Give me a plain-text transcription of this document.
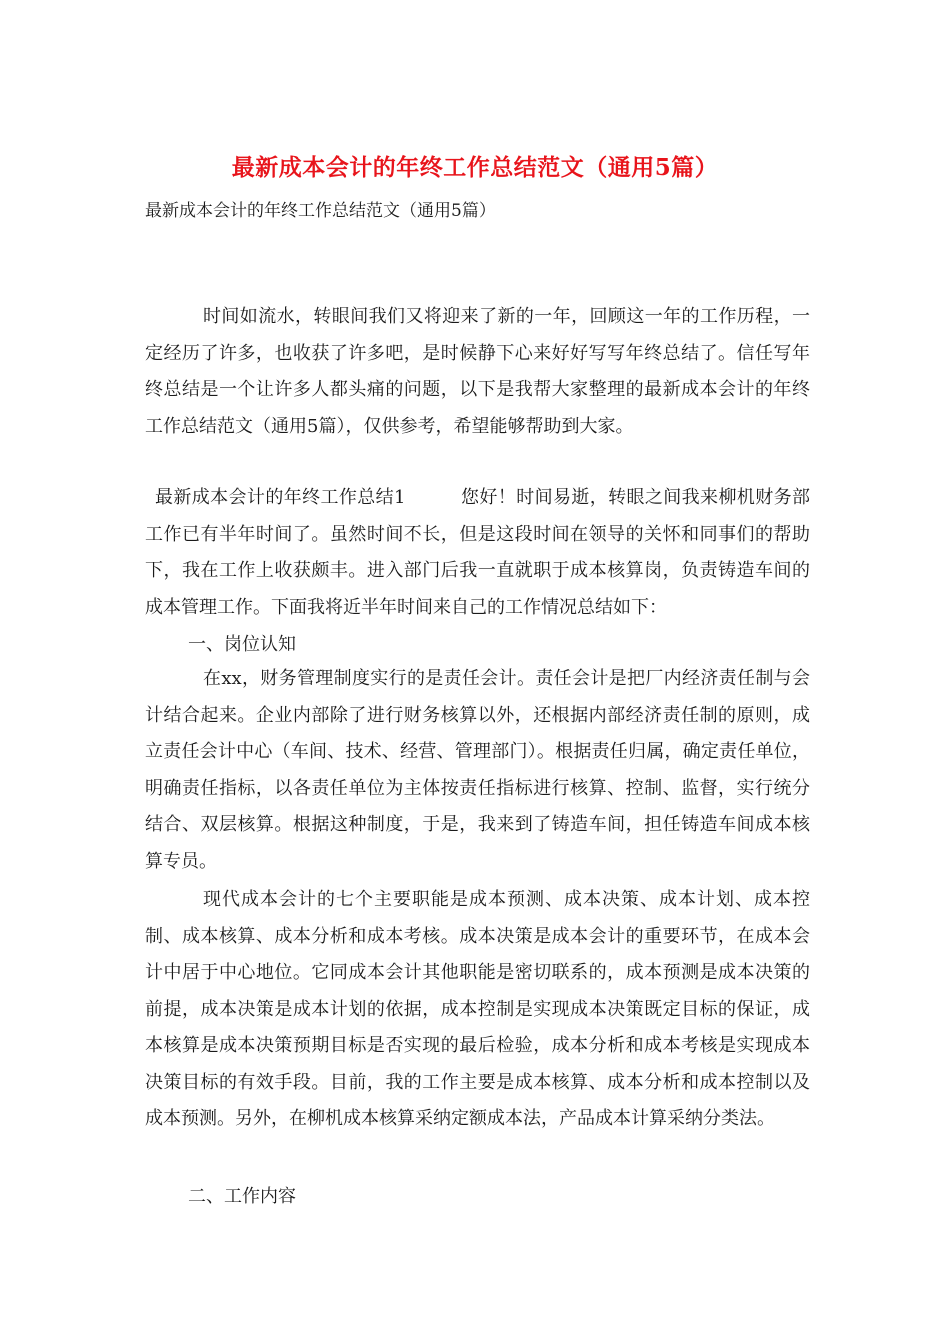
最新成本会计的年终工作总结范文（通用5篇）
最新成本会计的年终工作总结范文（通用5篇）
时间如流水，转眼间我们又将迎来了新的一年，回顾这一年的工作历程，一定经历了许多，也收获了许多吧，是时候静下心来好好写写年终总结了。信任写年终总结是一个让许多人都头痛的问题，以下是我帮大家整理的最新成本会计的年终工作总结范文（通用5篇），仅供参考，希望能够帮助到大家。
最新成本会计的年终工作总结1　　　您好！时间易逝，转眼之间我来柳机财务部工作已有半年时间了。虽然时间不长，但是这段时间在领导的关怀和同事们的帮助下，我在工作上收获颇丰。进入部门后我一直就职于成本核算岗，负责铸造车间的成本管理工作。下面我将近半年时间来自己的工作情况总结如下：
一、岗位认知
在xx，财务管理制度实行的是责任会计。责任会计是把厂内经济责任制与会计结合起来。企业内部除了进行财务核算以外，还根据内部经济责任制的原则，成立责任会计中心（车间、技术、经营、管理部门）。根据责任归属，确定责任单位，明确责任指标，以各责任单位为主体按责任指标进行核算、控制、监督，实行统分结合、双层核算。根据这种制度，于是，我来到了铸造车间，担任铸造车间成本核算专员。
现代成本会计的七个主要职能是成本预测、成本决策、成本计划、成本控制、成本核算、成本分析和成本考核。成本决策是成本会计的重要环节，在成本会计中居于中心地位。它同成本会计其他职能是密切联系的，成本预测是成本决策的前提，成本决策是成本计划的依据，成本控制是实现成本决策既定目标的保证，成本核算是成本决策预期目标是否实现的最后检验，成本分析和成本考核是实现成本决策目标的有效手段。目前，我的工作主要是成本核算、成本分析和成本控制以及成本预测。另外，在柳机成本核算采纳定额成本法，产品成本计算采纳分类法。
二、工作内容
